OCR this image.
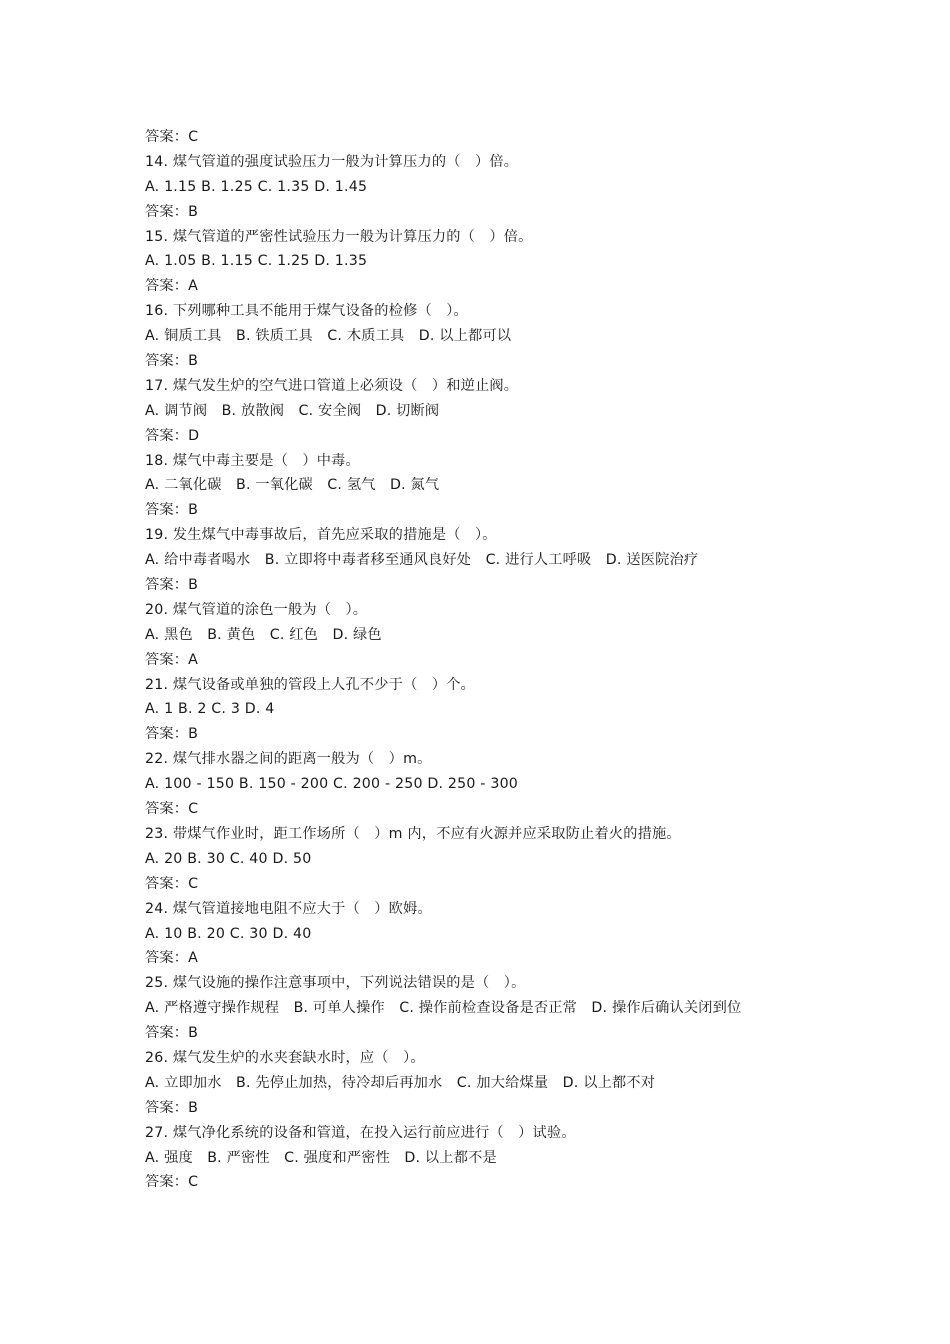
答案：C
14. 煤气管道的强度试验压力一般为计算压力的（　）倍。
A. 1.15 B. 1.25 C. 1.35 D. 1.45
答案：B
15. 煤气管道的严密性试验压力一般为计算压力的（　）倍。
A. 1.05 B. 1.15 C. 1.25 D. 1.35
答案：A
16. 下列哪种工具不能用于煤气设备的检修（　）。
A. 铜质工具　B. 铁质工具　C. 木质工具　D. 以上都可以
答案：B
17. 煤气发生炉的空气进口管道上必须设（　）和逆止阀。
A. 调节阀　B. 放散阀　C. 安全阀　D. 切断阀
答案：D
18. 煤气中毒主要是（　）中毒。
A. 二氧化碳　B. 一氧化碳　C. 氢气　D. 氮气
答案：B
19. 发生煤气中毒事故后，首先应采取的措施是（　）。
A. 给中毒者喝水　B. 立即将中毒者移至通风良好处　C. 进行人工呼吸　D. 送医院治疗
答案：B
20. 煤气管道的涂色一般为（　）。
A. 黑色　B. 黄色　C. 红色　D. 绿色
答案：A
21. 煤气设备或单独的管段上人孔不少于（　）个。
A. 1 B. 2 C. 3 D. 4
答案：B
22. 煤气排水器之间的距离一般为（　）m。
A. 100 - 150 B. 150 - 200 C. 200 - 250 D. 250 - 300
答案：C
23. 带煤气作业时，距工作场所（　）m 内，不应有火源并应采取防止着火的措施。
A. 20 B. 30 C. 40 D. 50
答案：C
24. 煤气管道接地电阻不应大于（　）欧姆。
A. 10 B. 20 C. 30 D. 40
答案：A
25. 煤气设施的操作注意事项中，下列说法错误的是（　）。
A. 严格遵守操作规程　B. 可单人操作　C. 操作前检查设备是否正常　D. 操作后确认关闭到位
答案：B
26. 煤气发生炉的水夹套缺水时，应（　）。
A. 立即加水　B. 先停止加热，待冷却后再加水　C. 加大给煤量　D. 以上都不对
答案：B
27. 煤气净化系统的设备和管道，在投入运行前应进行（　）试验。
A. 强度　B. 严密性　C. 强度和严密性　D. 以上都不是
答案：C
